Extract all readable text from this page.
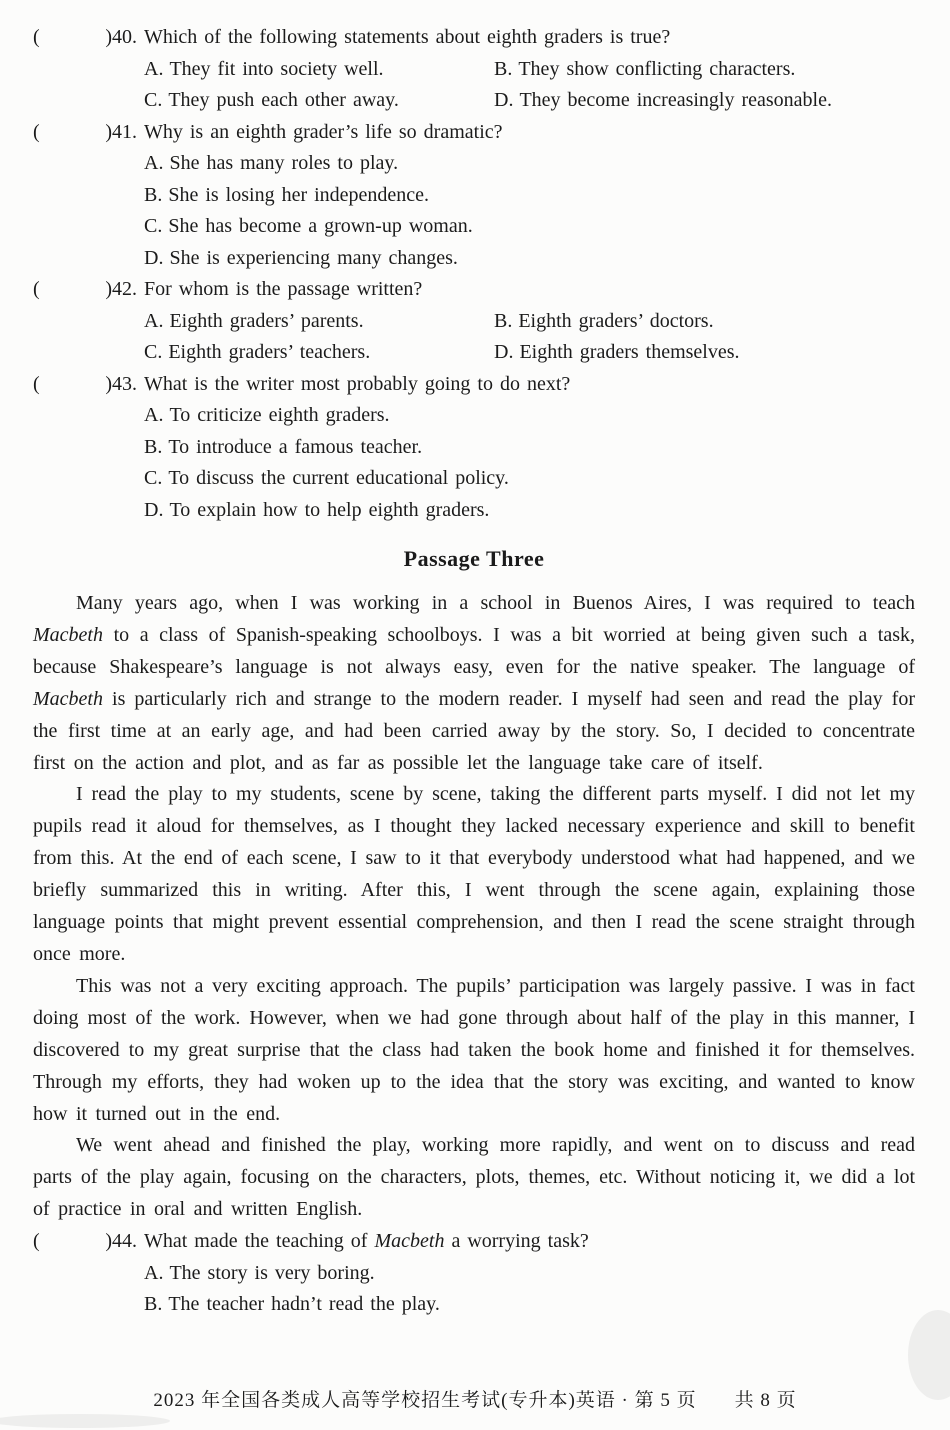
(	)40. Which of the following statements about eighth graders is true?
A. They fit into society well.	B. They show conflicting characters.
C. They push each other away.	D. They become increasingly reasonable.
(	)41. Why is an eighth grader’s life so dramatic?
A. She has many roles to play.
B. She is losing her independence.
C. She has become a grown-up woman.
D. She is experiencing many changes.
(	)42. For whom is the passage written?
A. Eighth graders’ parents.	B. Eighth graders’ doctors.
C. Eighth graders’ teachers.	D. Eighth graders themselves.
(	)43. What is the writer most probably going to do next?
A. To criticize eighth graders.
B. To introduce a famous teacher.
C. To discuss the current educational policy.
D. To explain how to help eighth graders.
Passage Three

Many years ago, when I was working in a school in Buenos Aires, I was required to teach Macbeth to a class of Spanish-speaking schoolboys. I was a bit worried at being given such a task, because Shakespeare’s language is not always easy, even for the native speaker. The language of Macbeth is particularly rich and strange to the modern reader. I myself had seen and read the play for the first time at an early age, and had been carried away by the story. So, I decided to concentrate first on the action and plot, and as far as possible let the language take care of itself.

I read the play to my students, scene by scene, taking the different parts myself. I did not let my pupils read it aloud for themselves, as I thought they lacked necessary experience and skill to benefit from this. At the end of each scene, I saw to it that everybody understood what had happened, and we briefly summarized this in writing. After this, I went through the scene again, explaining those language points that might prevent essential comprehension, and then I read the scene straight through once more.

This was not a very exciting approach. The pupils’ participation was largely passive. I was in fact doing most of the work. However, when we had gone through about half of the play in this manner, I discovered to my great surprise that the class had taken the book home and finished it for themselves. Through my efforts, they had woken up to the idea that the story was exciting, and wanted to know how it turned out in the end.

We went ahead and finished the play, working more rapidly, and went on to discuss and read parts of the play again, focusing on the characters, plots, themes, etc. Without noticing it, we did a lot of practice in oral and written English.

(	)44. What made the teaching of Macbeth a worrying task?
A. The story is very boring.
B. The teacher hadn’t read the play.
2023 年全国各类成人高等学校招生考试(专升本)英语 · 第 5 页 共 8 页
